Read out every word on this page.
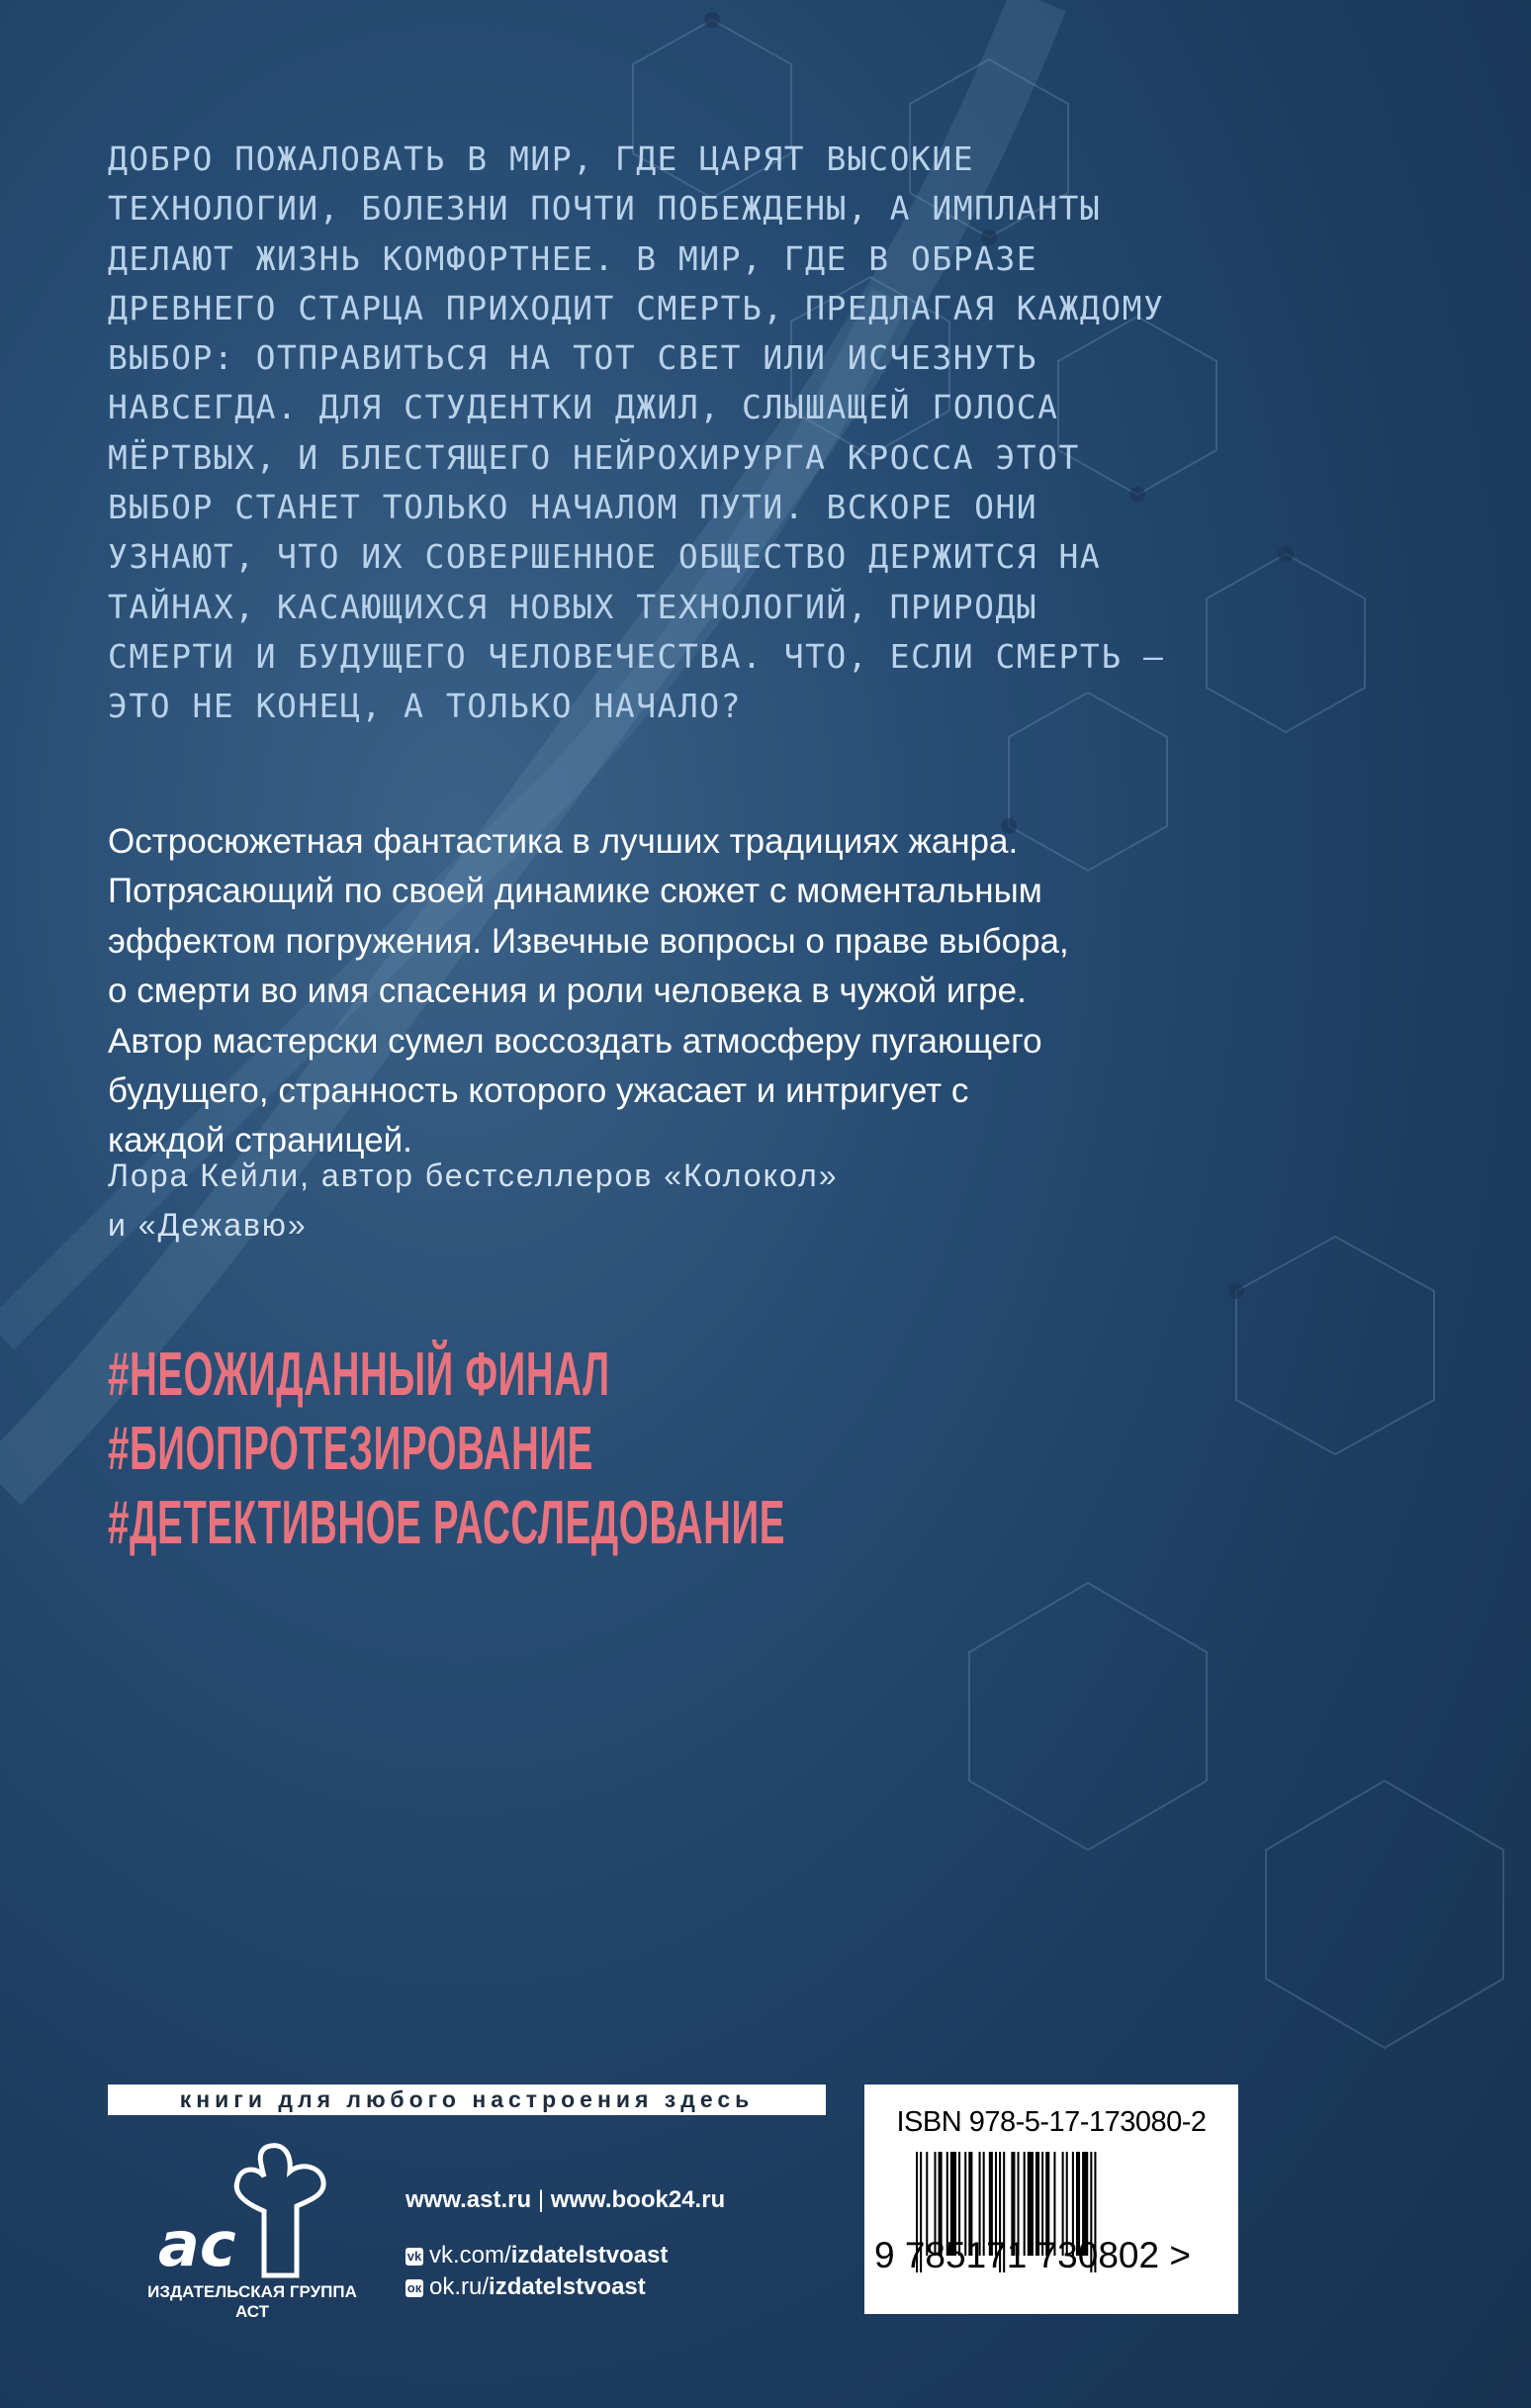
ДОБРО ПОЖАЛОВАТЬ В МИР, ГДЕ ЦАРЯТ ВЫСОКИЕ
ТЕХНОЛОГИИ, БОЛЕЗНИ ПОЧТИ ПОБЕЖДЕНЫ, А ИМПЛАНТЫ
ДЕЛАЮТ ЖИЗНЬ КОМФОРТНЕЕ. В МИР, ГДЕ В ОБРАЗЕ
ДРЕВНЕГО СТАРЦА ПРИХОДИТ СМЕРТЬ, ПРЕДЛАГАЯ КАЖДОМУ
ВЫБОР: ОТПРАВИТЬСЯ НА ТОТ СВЕТ ИЛИ ИСЧЕЗНУТЬ
НАВСЕГДА. ДЛЯ СТУДЕНТКИ ДЖИЛ, СЛЫШАЩЕЙ ГОЛОСА
МЁРТВЫХ, И БЛЕСТЯЩЕГО НЕЙРОХИРУРГА КРОССА ЭТОТ
ВЫБОР СТАНЕТ ТОЛЬКО НАЧАЛОМ ПУТИ. ВСКОРЕ ОНИ
УЗНАЮТ, ЧТО ИХ СОВЕРШЕННОЕ ОБЩЕСТВО ДЕРЖИТСЯ НА
ТАЙНАХ, КАСАЮЩИХСЯ НОВЫХ ТЕХНОЛОГИЙ, ПРИРОДЫ
СМЕРТИ И БУДУЩЕГО ЧЕЛОВЕЧЕСТВА. ЧТО, ЕСЛИ СМЕРТЬ —
ЭТО НЕ КОНЕЦ, А ТОЛЬКО НАЧАЛО?
Остросюжетная фантастика в лучших традициях жанра.
Потрясающий по своей динамике сюжет с моментальным
эффектом погружения. Извечные вопросы о праве выбора,
о смерти во имя спасения и роли человека в чужой игре.
Автор мастерски сумел воссоздать атмосферу пугающего
будущего, странность которого ужасает и интригует с
каждой страницей.
Лора Кейли, автор бестселлеров «Колокол»
и «Дежавю»
#НЕОЖИДАННЫЙ ФИНАЛ
#БИОПРОТЕЗИРОВАНИЕ
#ДЕТЕКТИВНОЕ РАССЛЕДОВАНИЕ
книги для любого настроения здесь
ас
ИЗДАТЕЛЬСКАЯ ГРУППА АСТ
www.ast.ru | www.book24.ru
vk vk.com/izdatelstvoast
ок ok.ru/izdatelstvoast
ISBN 978-5-17-173080-2
9 785171 730802 >
